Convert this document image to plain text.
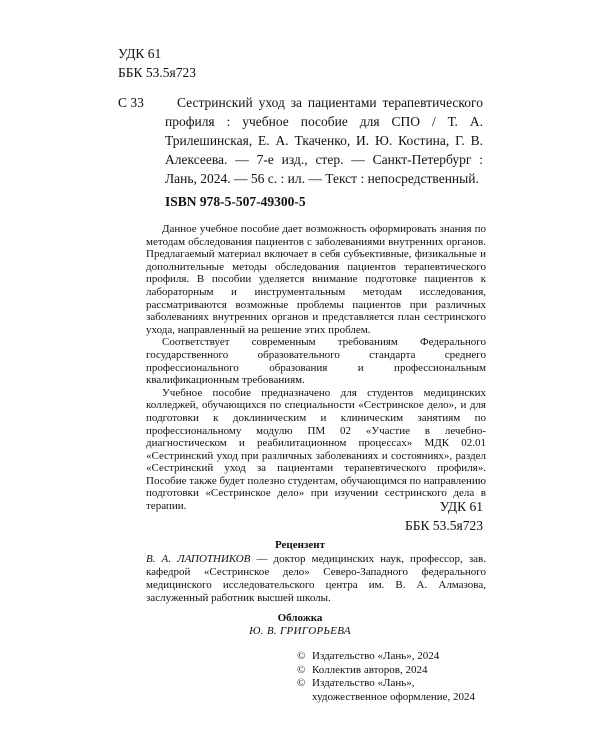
УДК 61
ББК 53.5я723
С 33	Сестринский уход за пациентами терапевтического профиля : учебное пособие для СПО / Т. А. Трилешинская, Е. А. Ткаченко, И. Ю. Костина, Г. В. Алексеева. — 7-е изд., стер. — Санкт-Петербург : Лань, 2024. — 56 с. : ил. — Текст : непосредственный.

ISBN 978-5-507-49300-5

Данное учебное пособие дает возможность оформировать знания по методам обследования пациентов с заболеваниями внутренних органов. Предлагаемый материал включает в себя субъективные, физикальные и дополнительные методы обследования пациентов терапевтического профиля. В пособии уделяется внимание подготовке пациентов к лабораторным и инструментальным методам исследования, рассматриваются возможные проблемы пациентов при различных заболеваниях внутренних органов и представляется план сестринского ухода, направленный на решение этих проблем.

Соответствует современным требованиям Федерального государственного образовательного стандарта среднего профессионального образования и профессиональным квалификационным требованиям.

Учебное пособие предназначено для студентов медицинских колледжей, обучающихся по специальности «Сестринское дело», и для подготовки к доклиническим и клиническим занятиям по профессиональному модулю ПМ 02 «Участие в лечебно-диагностическом и реабилитационном процессах» МДК 02.01 «Сестринский уход при различных заболеваниях и состояниях», раздел «Сестринский уход за пациентами терапевтического профиля». Пособие также будет полезно студентам, обучающимся по направлению подготовки «Сестринское дело» при изучении сестринского дела в терапии.	УДК 61
ББК 53.5я723
Рецензент
В. А. ЛАПОТНИКОВ — доктор медицинских наук, профессор, зав. кафедрой «Сестринское дело» Северо-Западного федерального медицинского исследовательского центра им. В. А. Алмазова, заслуженный работник высшей школы.
Обложка
Ю. В. ГРИГОРЬЕВА
© Издательство «Лань», 2024
© Коллектив авторов, 2024
© Издательство «Лань»,
художественное оформление, 2024
